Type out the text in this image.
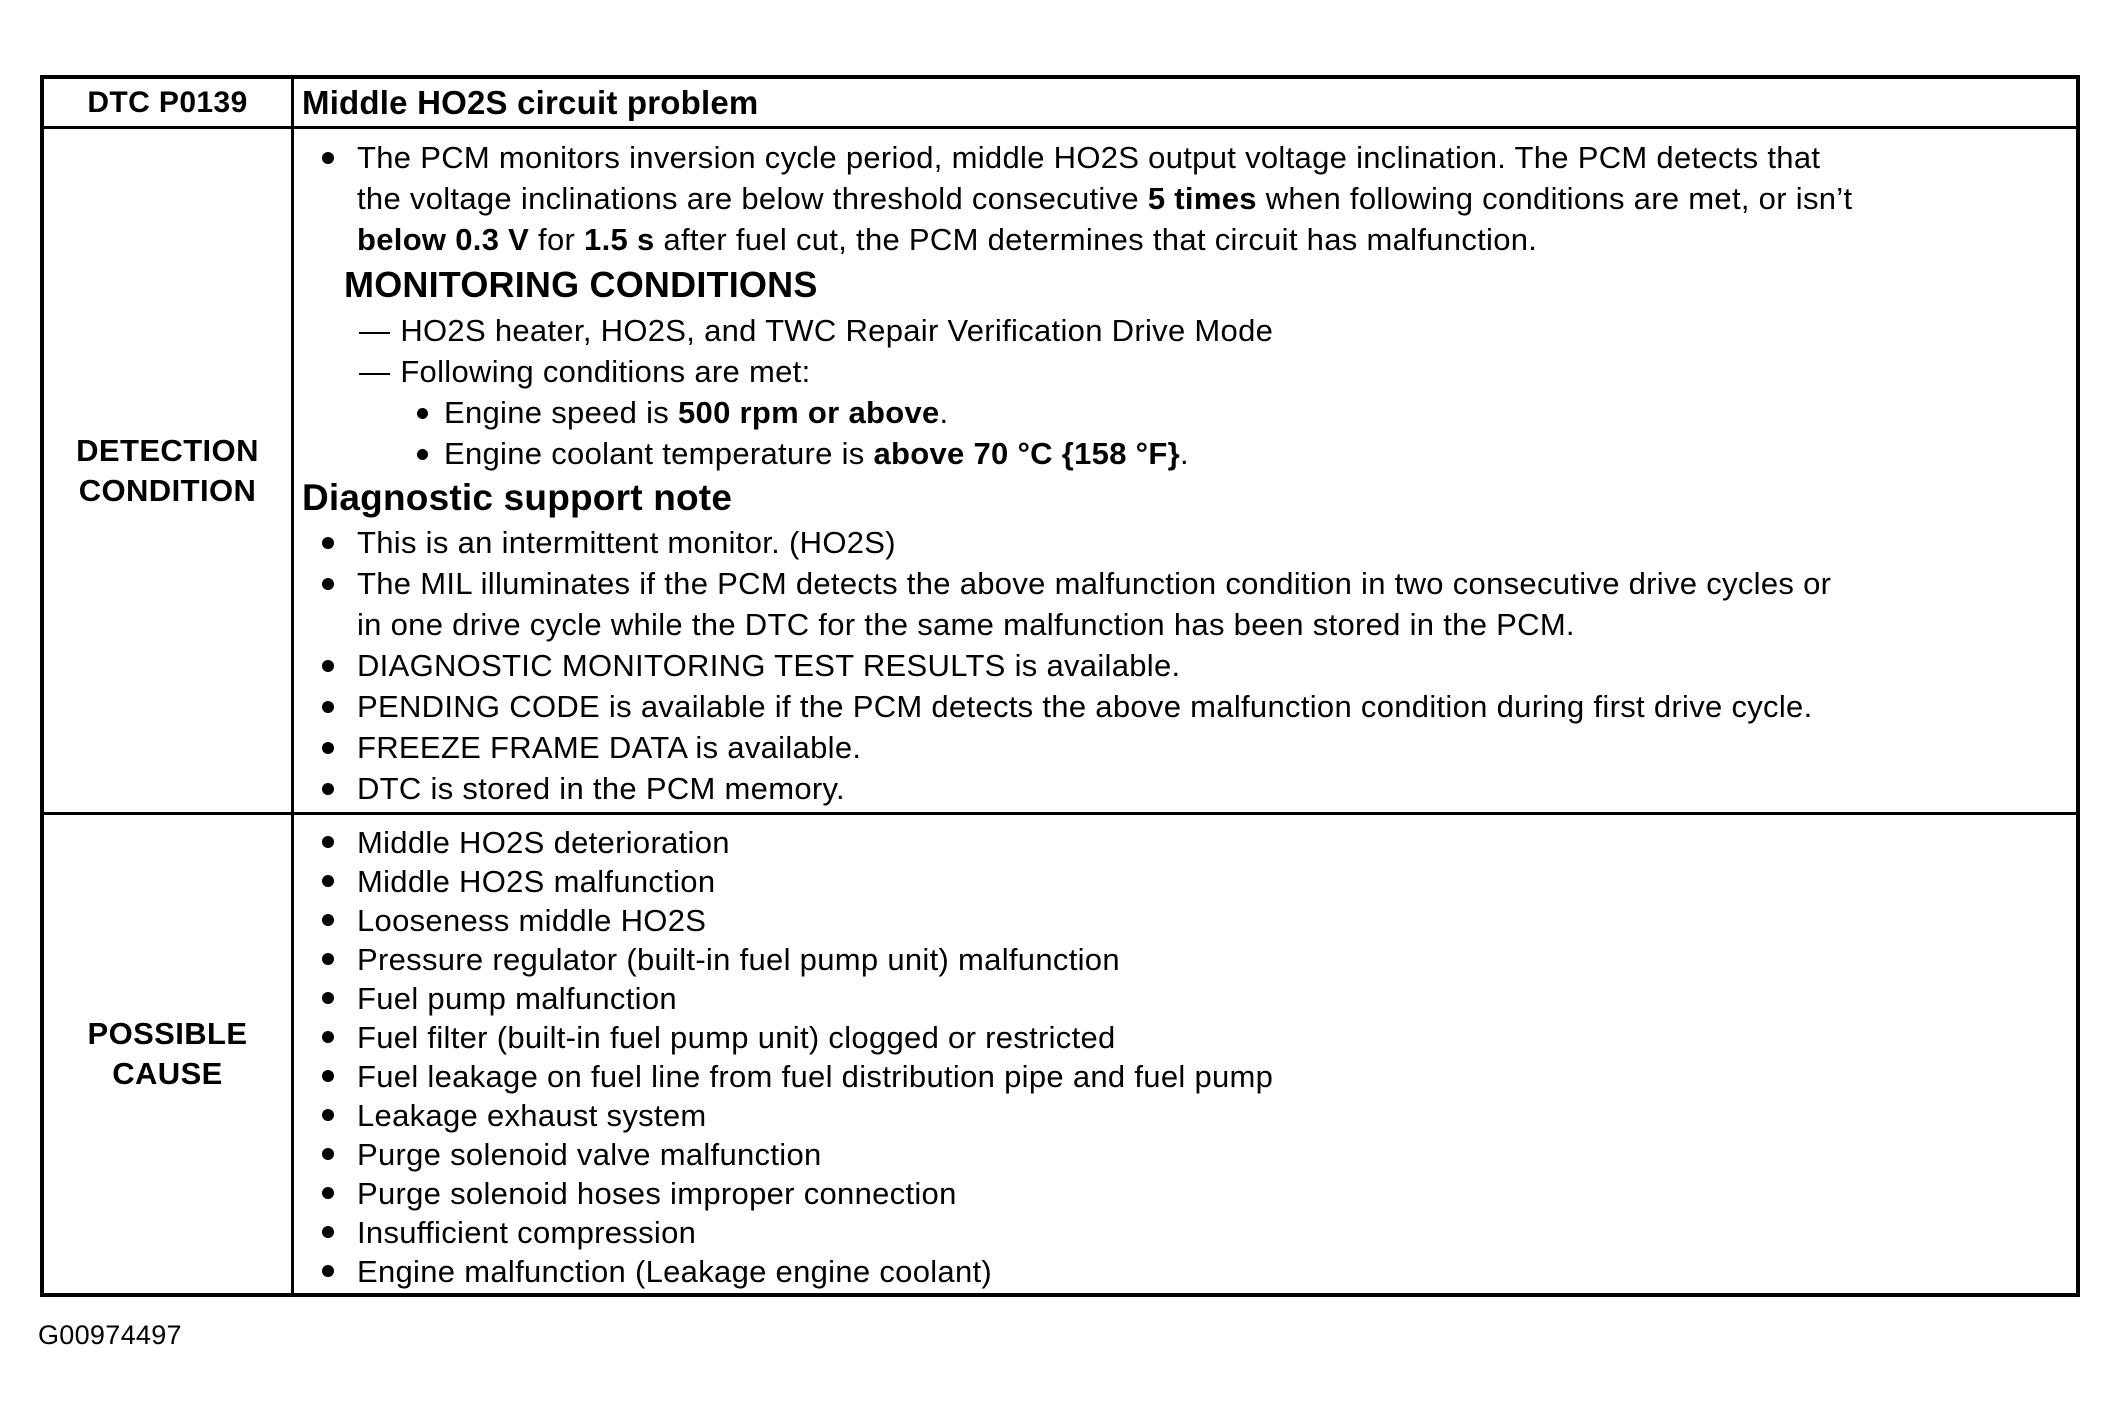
DTC P0139 Middle HO2S circuit problem
DETECTION
CONDITION
The PCM monitors inversion cycle period, middle HO2S output voltage inclination. The PCM detects that
the voltage inclinations are below threshold consecutive 5 times when following conditions are met, or isn’t
below 0.3 V for 1.5 s after fuel cut, the PCM determines that circuit has malfunction.
MONITORING CONDITIONS
— HO2S heater, HO2S, and TWC Repair Verification Drive Mode
— Following conditions are met:
Engine speed is 500 rpm or above.
Engine coolant temperature is above 70 °C {158 °F}.
Diagnostic support note
This is an intermittent monitor. (HO2S)
The MIL illuminates if the PCM detects the above malfunction condition in two consecutive drive cycles or
in one drive cycle while the DTC for the same malfunction has been stored in the PCM.
DIAGNOSTIC MONITORING TEST RESULTS is available.
PENDING CODE is available if the PCM detects the above malfunction condition during first drive cycle.
FREEZE FRAME DATA is available.
DTC is stored in the PCM memory.
POSSIBLE
CAUSE
Middle HO2S deterioration
Middle HO2S malfunction
Looseness middle HO2S
Pressure regulator (built-in fuel pump unit) malfunction
Fuel pump malfunction
Fuel filter (built-in fuel pump unit) clogged or restricted
Fuel leakage on fuel line from fuel distribution pipe and fuel pump
Leakage exhaust system
Purge solenoid valve malfunction
Purge solenoid hoses improper connection
Insufficient compression
Engine malfunction (Leakage engine coolant)
G00974497
